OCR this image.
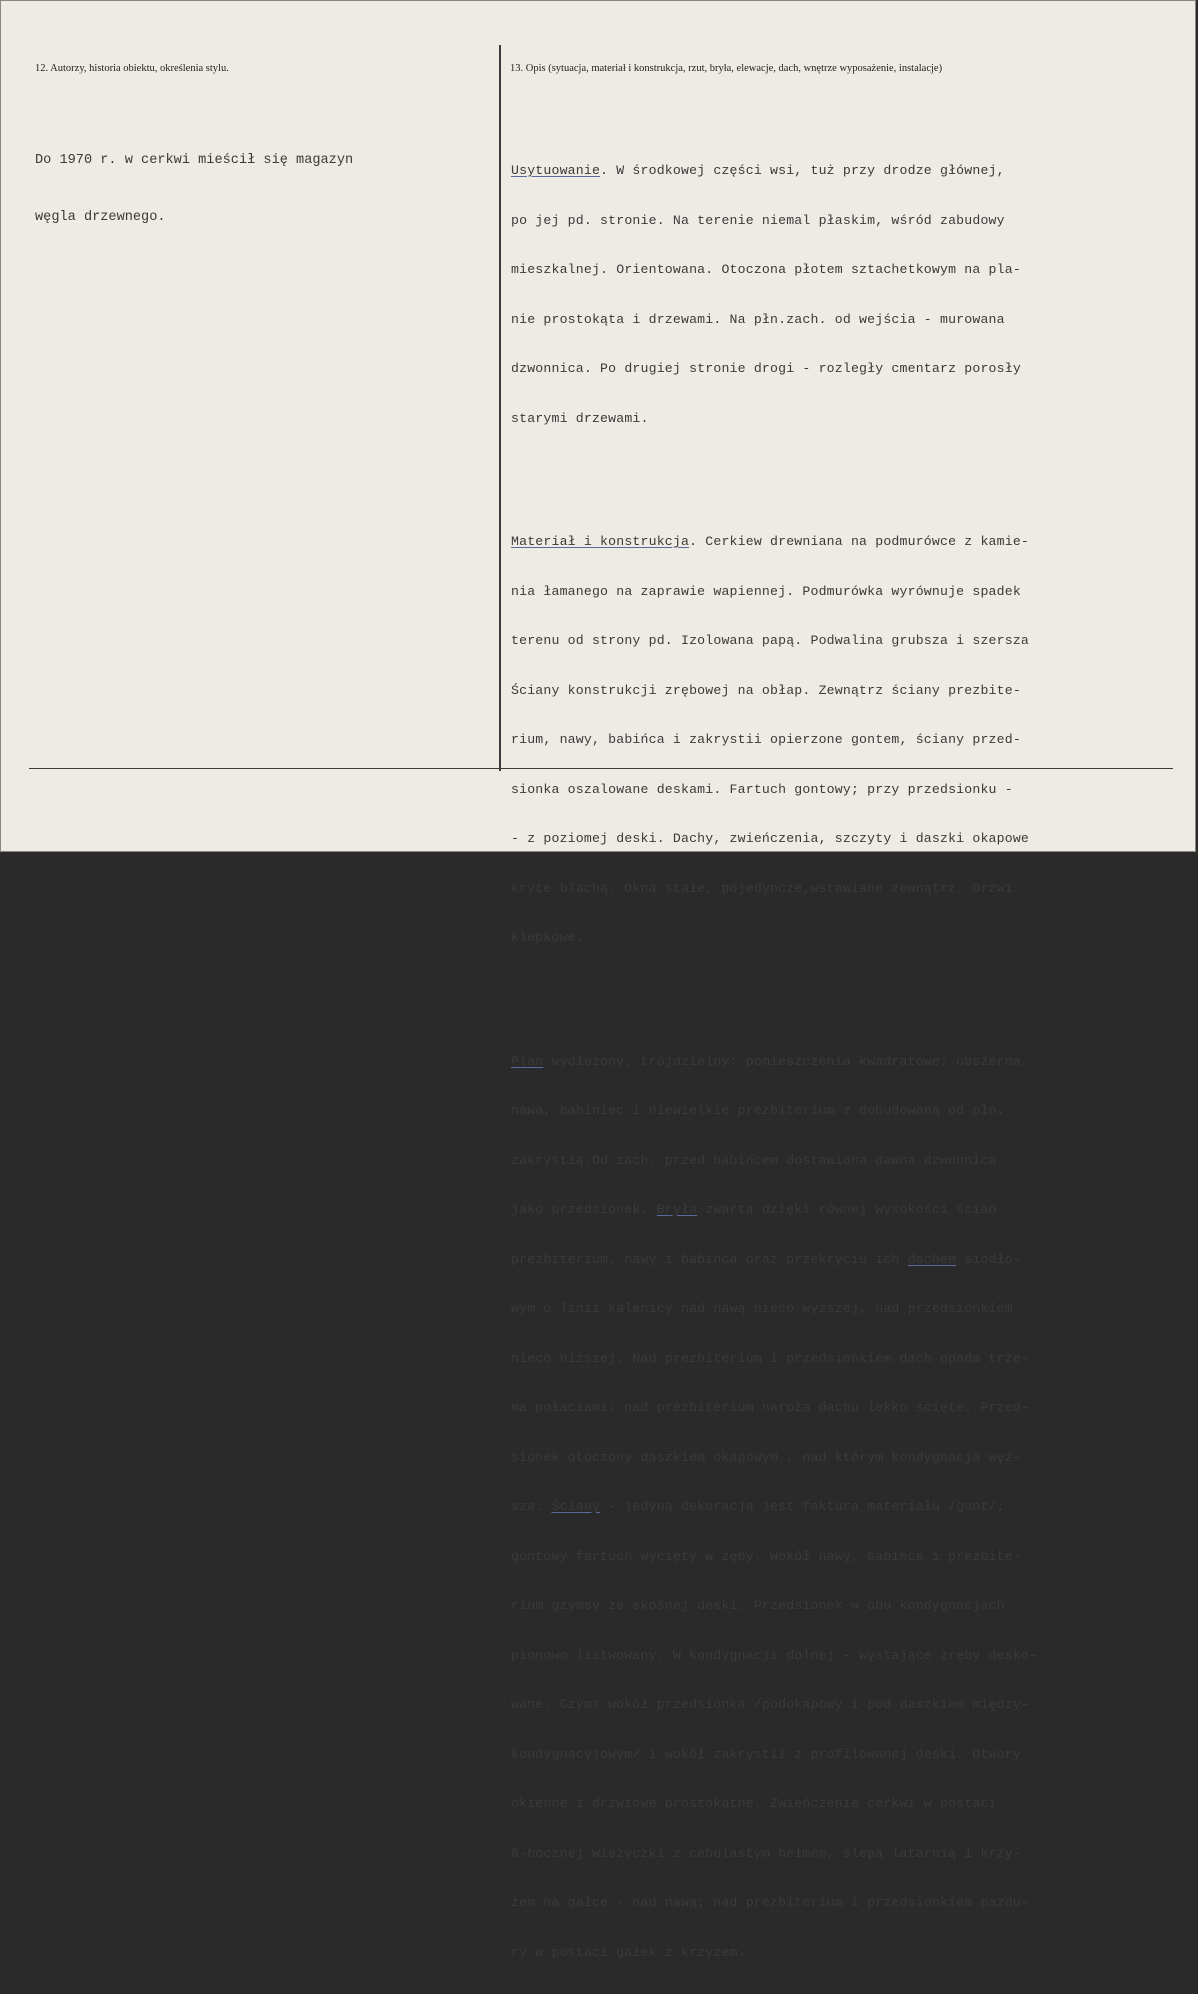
12. Autorzy, historia obiektu, określenia stylu.	13. Opis (sytuacja, materiał i konstrukcja, rzut, bryła, elewacje, dach, wnętrze wyposażenie, instalacje)

Do 1970 r. w cerkwi mieścił się magazyn

węgla drzewnego.

Usytuowanie. W środkowej części wsi, tuż przy drodze głównej,

po jej pd. stronie. Na terenie niemal płaskim, wśród zabudowy

mieszkalnej. Orientowana. Otoczona płotem sztachetkowym na pla-

nie prostokąta i drzewami. Na płn.zach. od wejścia - murowana

dzwonnica. Po drugiej stronie drogi - rozległy cmentarz porosły

starymi drzewami.

Materiał i konstrukcja. Cerkiew drewniana na podmurówce z kamie-

nia łamanego na zaprawie wapiennej. Podmurówka wyrównuje spadek

terenu od strony pd. Izolowana papą. Podwalina grubsza i szersza

Ściany konstrukcji zrębowej na obłap. Zewnątrz ściany prezbite-

rium, nawy, babińca i zakrystii opierzone gontem, ściany przed-

sionka oszalowane deskami. Fartuch gontowy; przy przedsionku -

- z poziomej deski. Dachy, zwieńczenia, szczyty i daszki okapowe

kryte blachą. Okna stałe, pojedyncze,wstawiane zewnątrz. Drzwi

klepkowe.

Plan wydłużony, trójdzielny: pomieszczenia kwadratowe; obszerna

nawa, babiniec i niewielkie prezbiterium z dobudowaną od płn.

zakrystią.Od zach. przed babińcem dostawiona dawna dzwonnica

jako przedsionek. Bryła zwarta dzięki równej wysokości ścian

prezbiterium, nawy i babińca oraz przekryciu ich dachem siodło-

wym o linii kalenicy nad nawą nieco wyższej, nad przedsionkiem

nieco niższej. Nad prezbiterium i przedsionkiem dach opada trze-

ma połaciami; nad prezbiterium naroża dachu lekko ścięte. Przed-

sionek otoczony daszkiem okapowym , nad którym kondygnacja węż-

sza. Ściany - jedyną dekoracją jest faktura materiału /gont/;

gontowy fartuch wycięty w zęby. Wokół nawy, babińca i prezbite-

rium gzymsy ze skośnej deski. Przedsionek w obu kondygnacjach

pionowo listwowany. W kondygnacji dolnej - wystające zręby desko-

wane. Gzyms wokół przedsionka /podokapowy i pod daszkiem między-

kondygnacyjowym/ i wokół zakrystii z profilowanej deski. Otwory

okienne i drzwiowe prostokątne. Zwieńczenie cerkwi w postaci

8-bocznej wieżyczki z cebulastym hełmem, ślepą latarnią i krzy-

żem na gałce - nad nawą; nad prezbiterium i przedsionkiem pazdu-

ry w postaci gałek z krzyżem.
